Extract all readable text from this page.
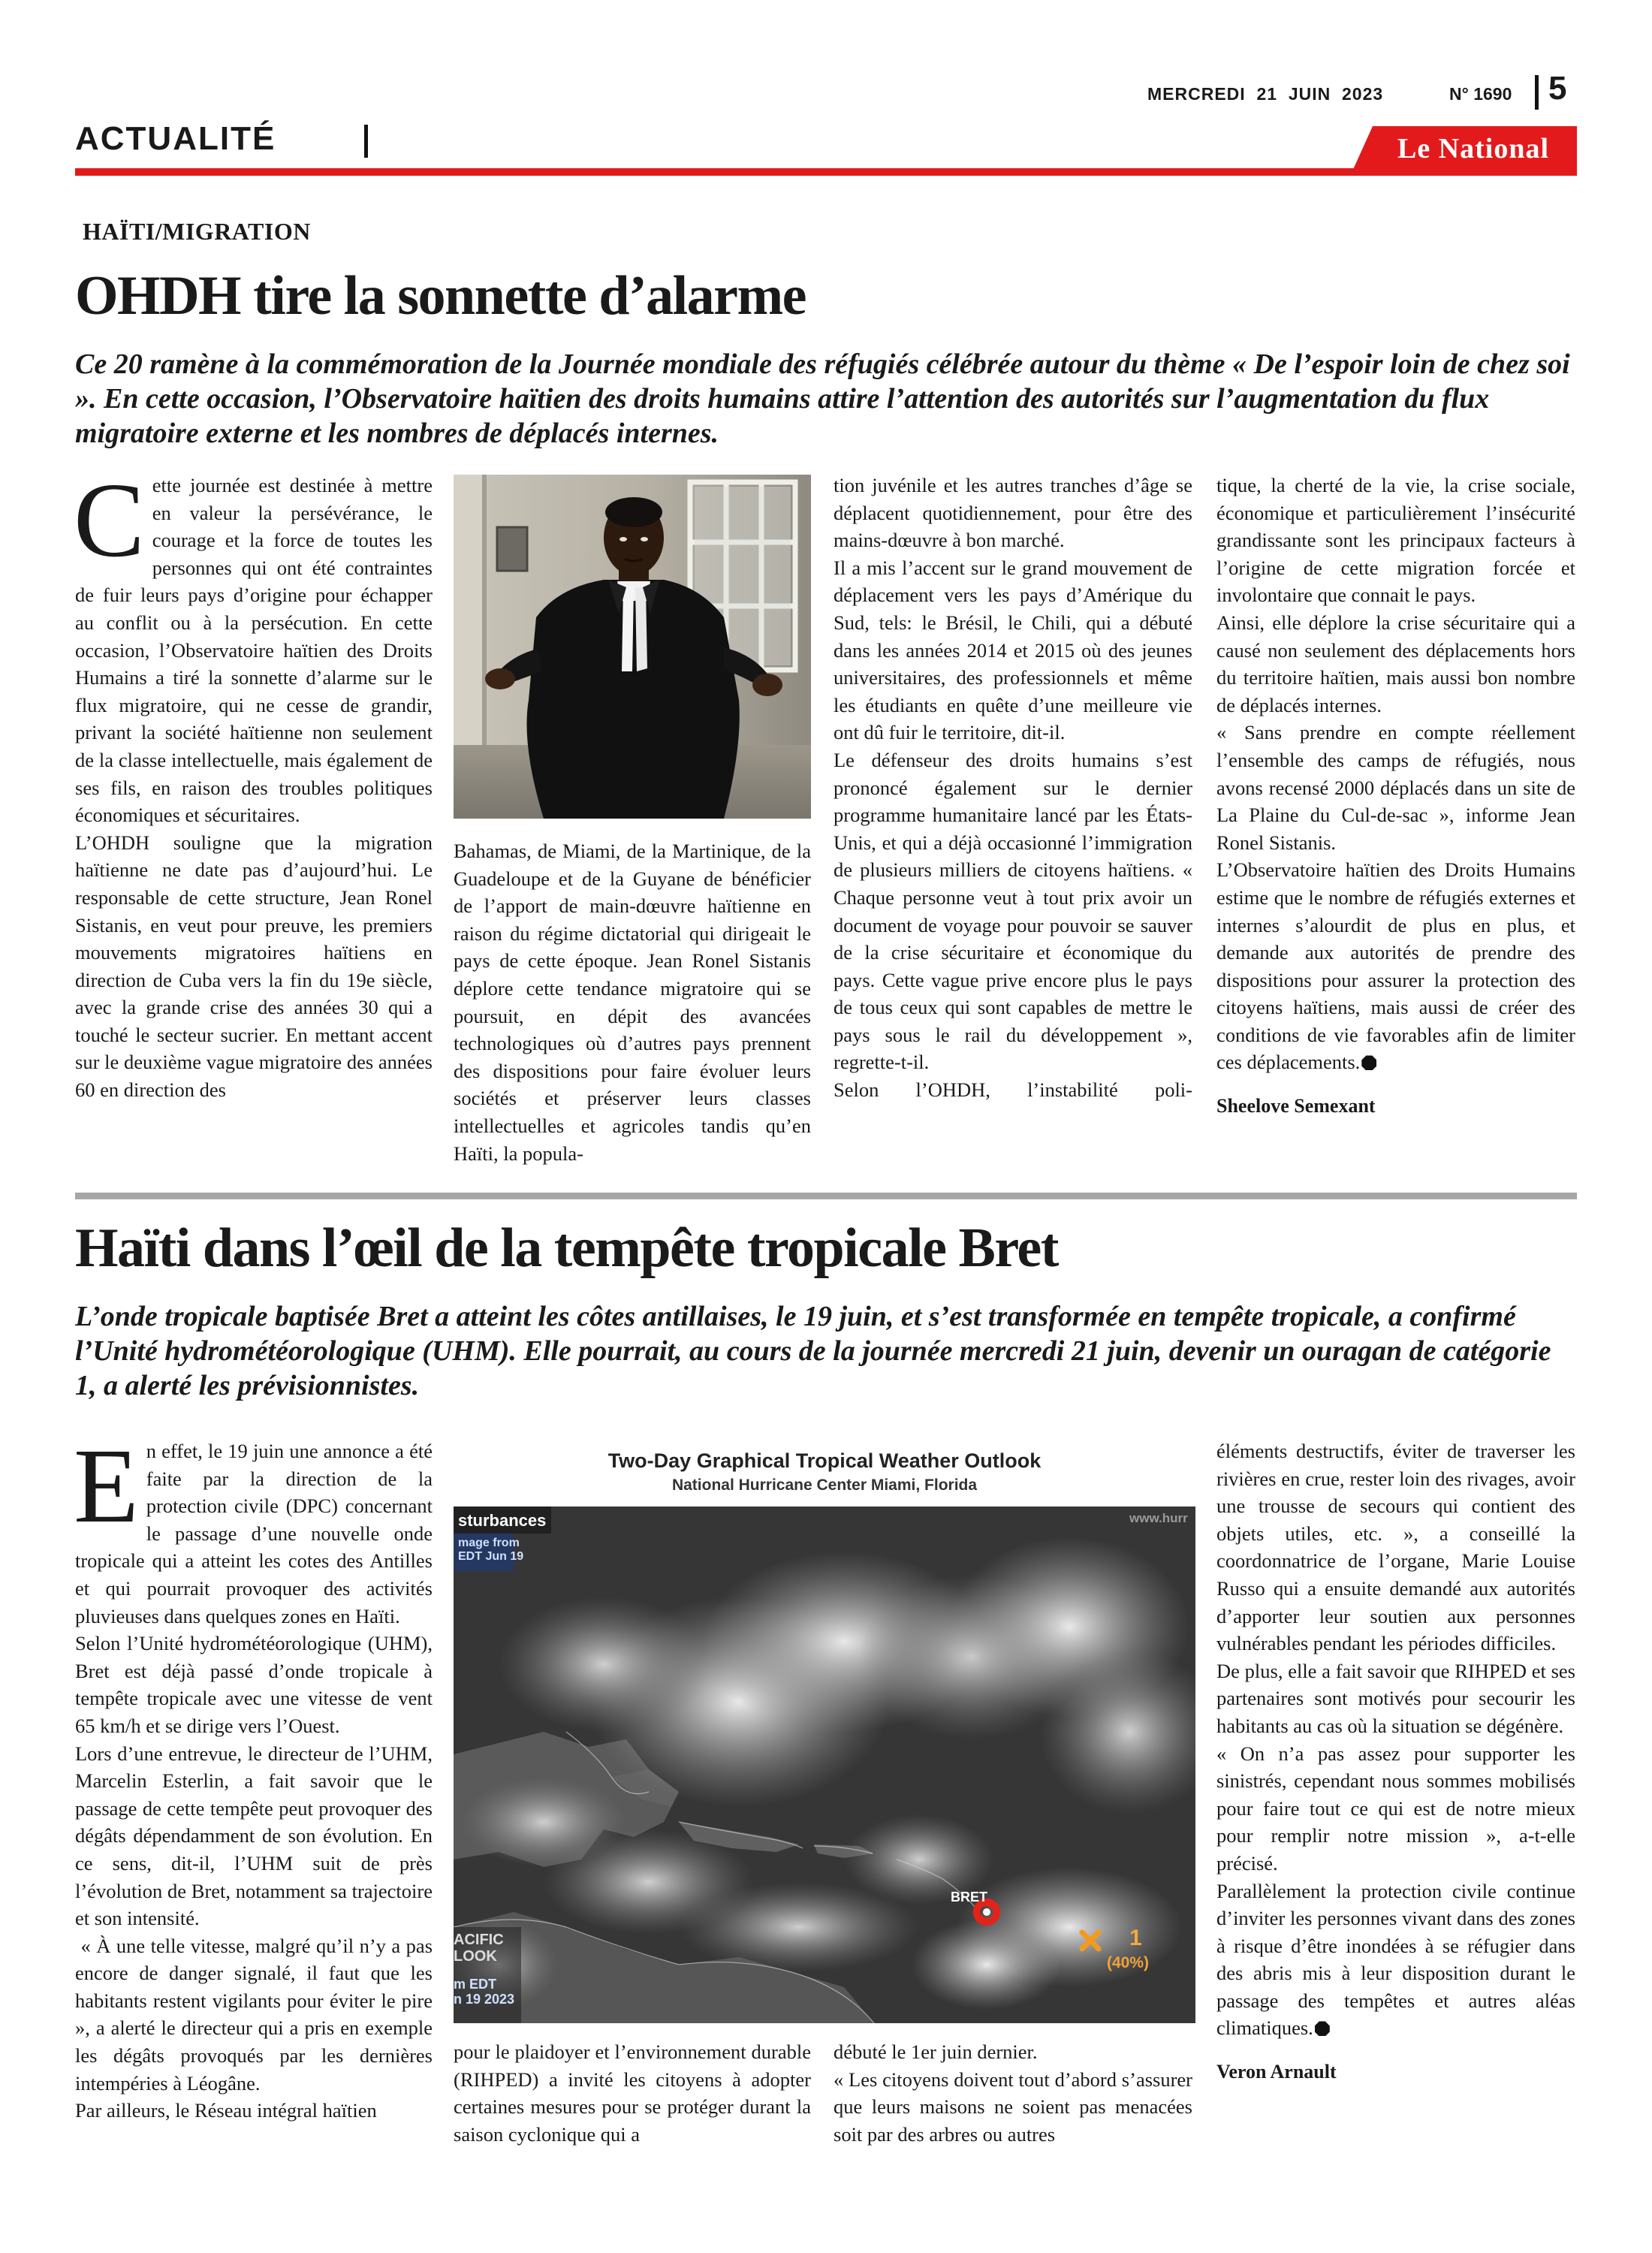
MERCREDI  21  JUIN  2023	N° 1690 5
ACTUALITÉ	Le National
HAÏTI/MIGRATION
OHDH tire la sonnette d’alarme

Ce 20 ramène à la commémoration de la Journée mondiale des réfugiés célébrée autour du thème « De l’espoir loin de chez soi ». En cette occasion, l’Observatoire haïtien des droits humains attire l’attention des autorités sur l’augmentation du flux migratoire externe et les nombres de déplacés internes.

C ette journée est destinée à mettre en valeur la persévérance, le courage et la force de toutes les personnes qui ont été contraintes de fuir leurs pays d’origine pour échapper au conflit ou à la persécution. En cette occasion, l’Observatoire haïtien des Droits Humains a tiré la sonnette d’alarme sur le flux migratoire, qui ne cesse de grandir, privant la société haïtienne non seulement de la classe intellectuelle, mais également de ses fils, en raison des troubles politiques économiques et sécuritaires.

L’OHDH souligne que la migration haïtienne ne date pas d’aujourd’hui. Le responsable de cette structure, Jean Ronel Sistanis, en veut pour preuve, les premiers mouvements migratoires haïtiens en direction de Cuba vers la fin du 19e siècle, avec la grande crise des années 30 qui a touché le secteur sucrier. En mettant accent sur le deuxième vague migratoire des années 60 en direction des

Bahamas, de Miami, de la Martinique, de la Guadeloupe et de la Guyane de bénéficier de l’apport de main-dœuvre haïtienne en raison du régime dictatorial qui dirigeait le pays de cette époque. Jean Ronel Sistanis déplore cette tendance migratoire qui se poursuit, en dépit des avancées technologiques où d’autres pays prennent des dispositions pour faire évoluer leurs sociétés et préserver leurs classes intellectuelles et agricoles tandis qu’en Haïti, la popula-

tion juvénile et les autres tranches d’âge se déplacent quotidiennement, pour être des mains-dœuvre à bon marché.

Il a mis l’accent sur le grand mouvement de déplacement vers les pays d’Amérique du Sud, tels: le Brésil, le Chili, qui a débuté dans les années 2014 et 2015 où des jeunes universitaires, des professionnels et même les étudiants en quête d’une meilleure vie ont dû fuir le territoire, dit-il.

Le défenseur des droits humains s’est prononcé également sur le dernier programme humanitaire lancé par les États-Unis, et qui a déjà occasionné l’immigration de plusieurs milliers de citoyens haïtiens. « Chaque personne veut à tout prix avoir un document de voyage pour pouvoir se sauver de la crise sécuritaire et économique du pays. Cette vague prive encore plus le pays de tous ceux qui sont capables de mettre le pays sous le rail du développement », regrette-t-il.

Selon l’OHDH, l’instabilité poli-

tique, la cherté de la vie, la crise sociale, économique et particulièrement l’insécurité grandissante sont les principaux facteurs à l’origine de cette migration forcée et involontaire que connait le pays.

Ainsi, elle déplore la crise sécuritaire qui a causé non seulement des déplacements hors du territoire haïtien, mais aussi bon nombre de déplacés internes.

« Sans prendre en compte réellement l’ensemble des camps de réfugiés, nous avons recensé 2000 déplacés dans un site de La Plaine du Cul-de-sac », informe Jean Ronel Sistanis.

L’Observatoire haïtien des Droits Humains estime que le nombre de réfugiés externes et internes s’alourdit de plus en plus, et demande aux autorités de prendre des dispositions pour assurer la protection des citoyens haïtiens, mais aussi de créer des conditions de vie favorables afin de limiter ces déplacements.

Sheelove Semexant

Haïti dans l’œil de la tempête tropicale Bret

L’onde tropicale baptisée Bret a atteint les côtes antillaises, le 19 juin, et s’est transformée en tempête tropicale, a confirmé l’Unité hydrométéorologique (UHM). Elle pourrait, au cours de la journée mercredi 21 juin, devenir un ouragan de catégorie 1, a alerté les prévisionnistes.

E n effet, le 19 juin une annonce a été faite par la direction de la protection civile (DPC) concernant le passage d’une nouvelle onde tropicale qui a atteint les cotes des Antilles et qui pourrait provoquer des activités pluvieuses dans quelques zones en Haïti.

Selon l’Unité hydrométéorologique (UHM), Bret est déjà passé d’onde tropicale à tempête tropicale avec une vitesse de vent 65 km/h et se dirige vers l’Ouest.

Lors d’une entrevue, le directeur de l’UHM, Marcelin Esterlin, a fait savoir que le passage de cette tempête peut provoquer des dégâts dépendamment de son évolution. En ce sens, dit-il, l’UHM suit de près l’évolution de Bret, notamment sa trajectoire et son intensité.

« À une telle vitesse, malgré qu’il n’y a pas encore de danger signalé, il faut que les habitants restent vigilants pour éviter le pire », a alerté le directeur qui a pris en exemple les dégâts provoqués par les dernières intempéries à Léogâne.

Par ailleurs, le Réseau intégral haïtien

Two-Day Graphical Tropical Weather Outlook
National Hurricane Center Miami, Florida
sturbances
mage from
EDT Jun 19
www.hurr
BRET
1
(40%)
ACIFIC
LOOK
m EDT
n 19 2023

pour le plaidoyer et l’environnement durable (RIHPED) a invité les citoyens à adopter certaines mesures pour se protéger durant la saison cyclonique qui a

débuté le 1er juin dernier.

« Les citoyens doivent tout d’abord s’assurer que leurs maisons ne soient pas menacées soit par des arbres ou autres

éléments destructifs, éviter de traverser les rivières en crue, rester loin des rivages, avoir une trousse de secours qui contient des objets utiles, etc. », a conseillé la coordonnatrice de l’organe, Marie Louise Russo qui a ensuite demandé aux autorités d’apporter leur soutien aux personnes vulnérables pendant les périodes difficiles.

De plus, elle a fait savoir que RIHPED et ses partenaires sont motivés pour secourir les habitants au cas où la situation se dégénère.

« On n’a pas assez pour supporter les sinistrés, cependant nous sommes mobilisés pour faire tout ce qui est de notre mieux pour remplir notre mission », a-t-elle précisé.

Parallèlement la protection civile continue d’inviter les personnes vivant dans des zones à risque d’être inondées à se réfugier dans des abris mis à leur disposition durant le passage des tempêtes et autres aléas climatiques.

Veron Arnault
